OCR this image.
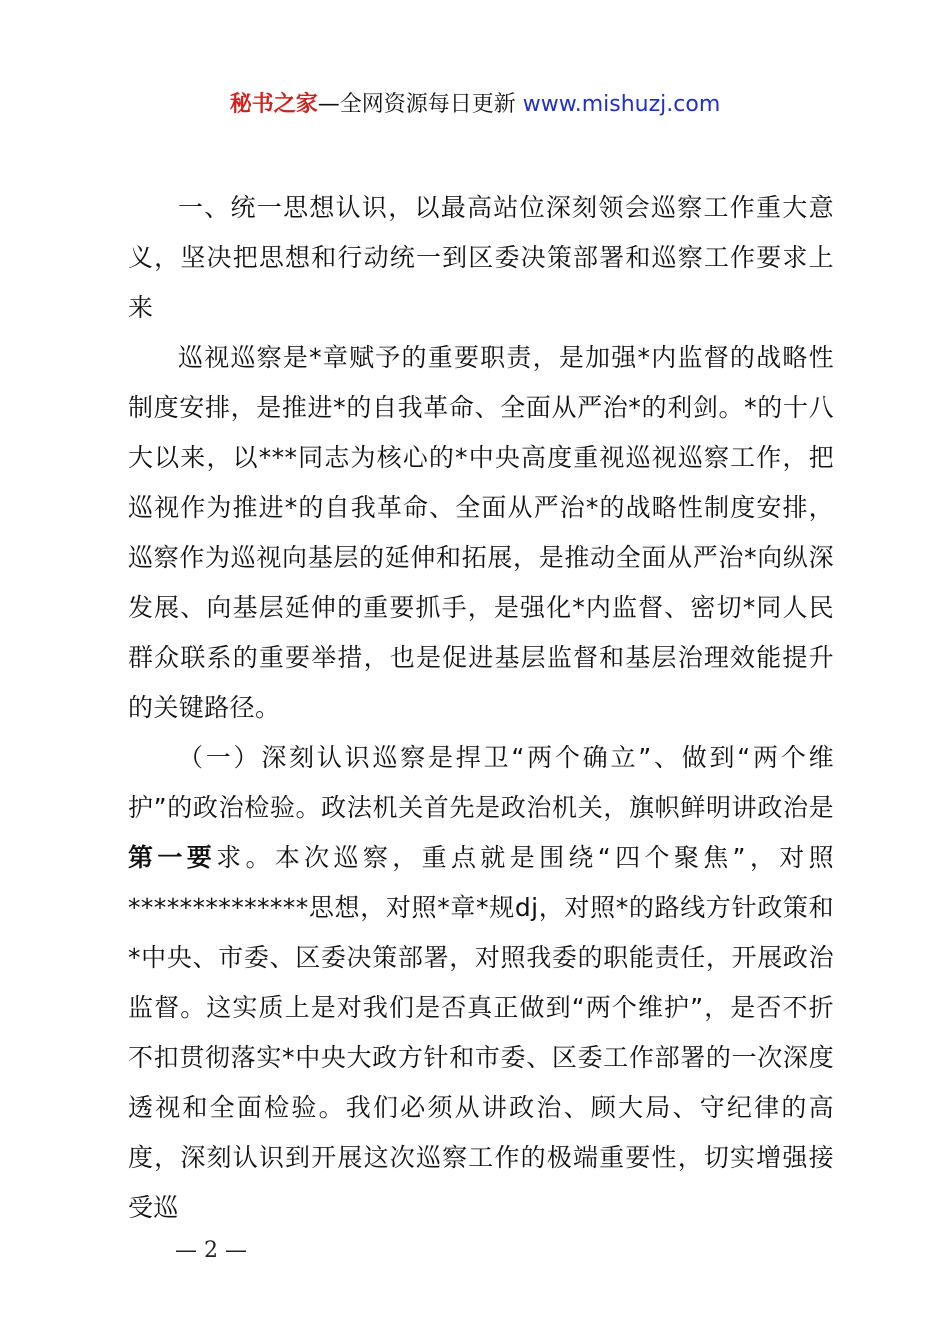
秘书之家—全网资源每日更新 www.mishuzj.com

一、统一思想认识，以最高站位深刻领会巡察工作重大意义，坚决把思想和行动统一到区委决策部署和巡察工作要求上来

巡视巡察是*章赋予的重要职责，是加强*内监督的战略性制度安排，是推进*的自我革命、全面从严治*的利剑。*的十八大以来，以***同志为核心的*中央高度重视巡视巡察工作，把巡视作为推进*的自我革命、全面从严治*的战略性制度安排，巡察作为巡视向基层的延伸和拓展，是推动全面从严治*向纵深发展、向基层延伸的重要抓手，是强化*内监督、密切*同人民群众联系的重要举措，也是促进基层监督和基层治理效能提升的关键路径。

（一）深刻认识巡察是捍卫“两个确立”、做到“两个维护”的政治检验。政法机关首先是政治机关，旗帜鲜明讲政治是第一要求。本次巡察，重点就是围绕“四个聚焦”，对照**************思想，对照*章*规dj，对照*的路线方针政策和*中央、市委、区委决策部署，对照我委的职能责任，开展政治监督。这实质上是对我们是否真正做到“两个维护”，是否不折不扣贯彻落实*中央大政方针和市委、区委工作部署的一次深度透视和全面检验。我们必须从讲政治、顾大局、守纪律的高度，深刻认识到开展这次巡察工作的极端重要性，切实增强接受巡

— 2 —
